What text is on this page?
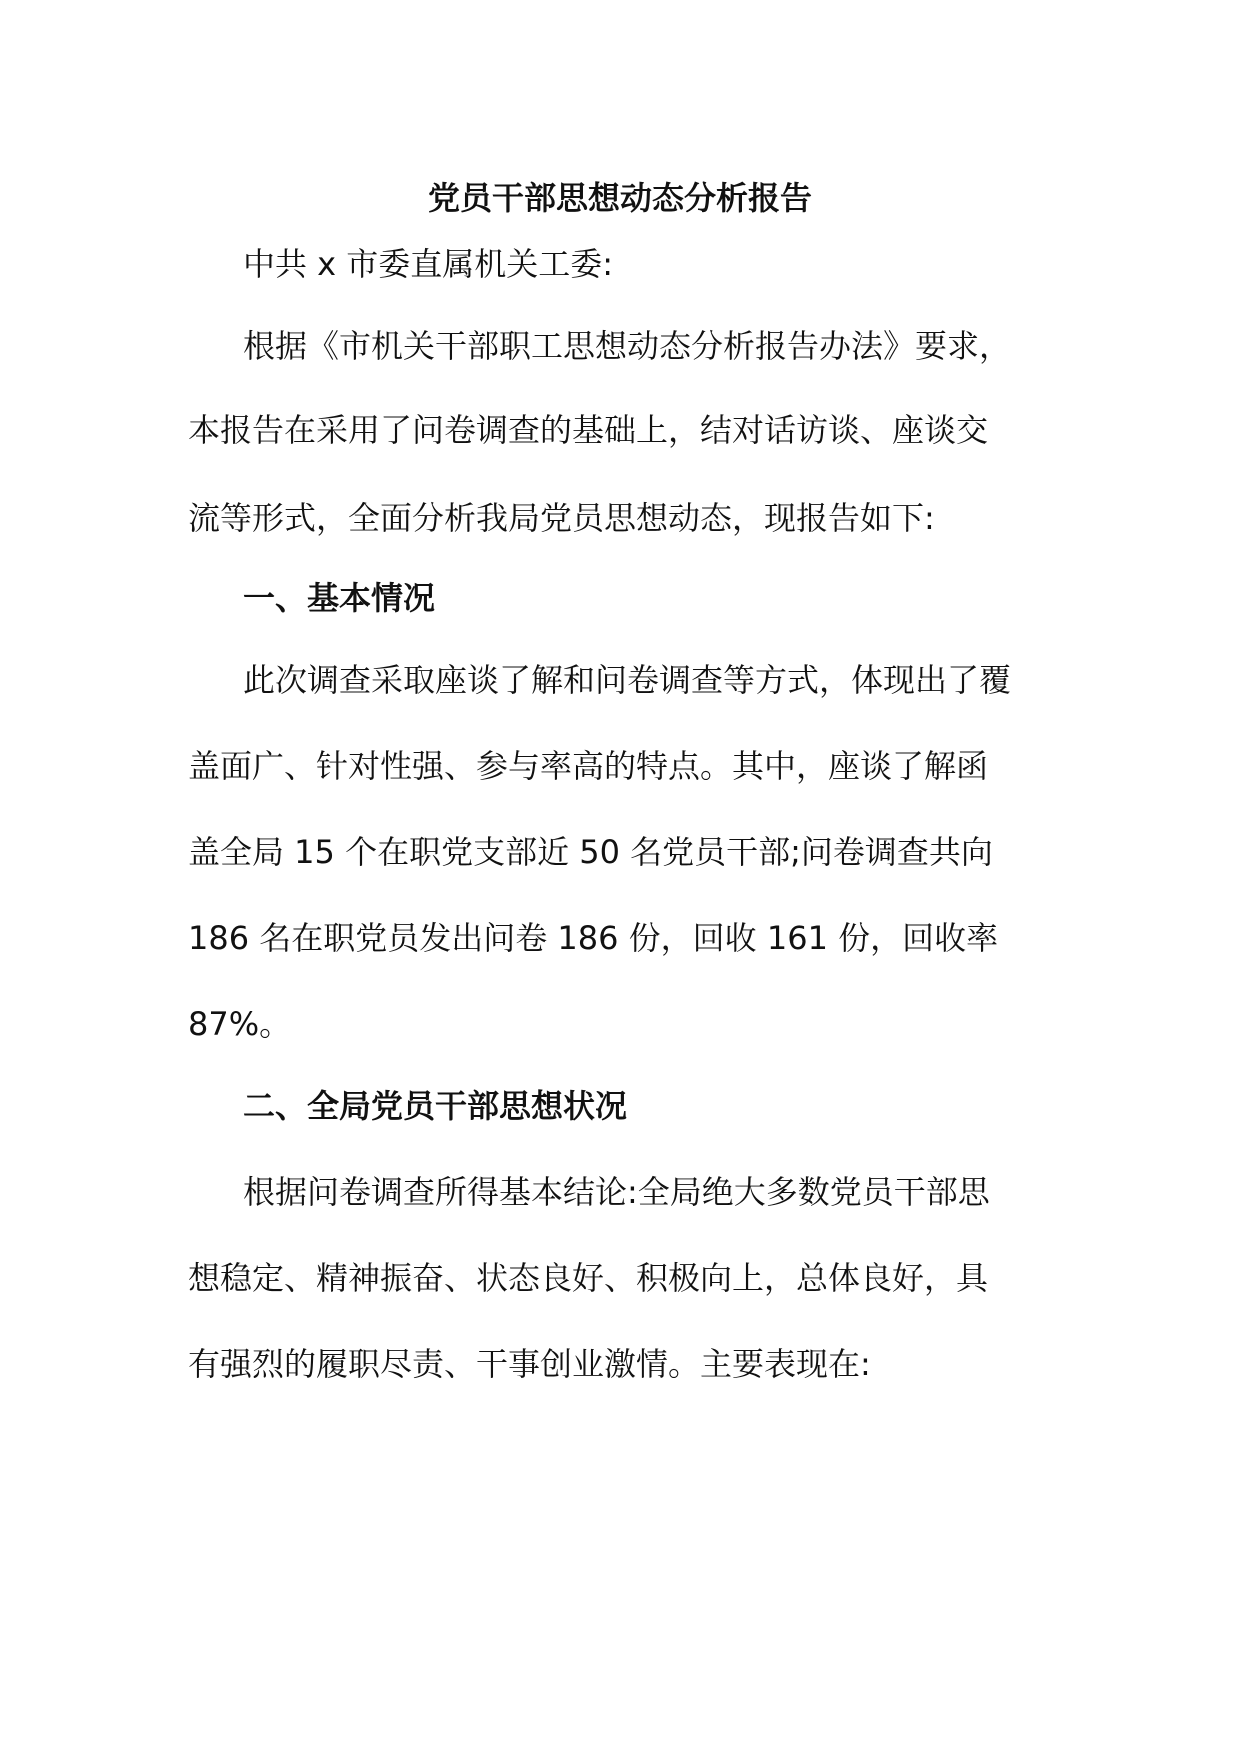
党员干部思想动态分析报告

中共 x 市委直属机关工委:

根据《市机关干部职工思想动态分析报告办法》要求，

本报告在采用了问卷调查的基础上，结对话访谈、座谈交

流等形式，全面分析我局党员思想动态，现报告如下:

一、基本情况

此次调查采取座谈了解和问卷调查等方式，体现出了覆

盖面广、针对性强、参与率高的特点。其中，座谈了解函

盖全局 15 个在职党支部近 50 名党员干部;问卷调查共向

186 名在职党员发出问卷 186 份，回收 161 份，回收率

87%。

二、全局党员干部思想状况

根据问卷调查所得基本结论:全局绝大多数党员干部思

想稳定、精神振奋、状态良好、积极向上，总体良好，具

有强烈的履职尽责、干事创业激情。主要表现在:
